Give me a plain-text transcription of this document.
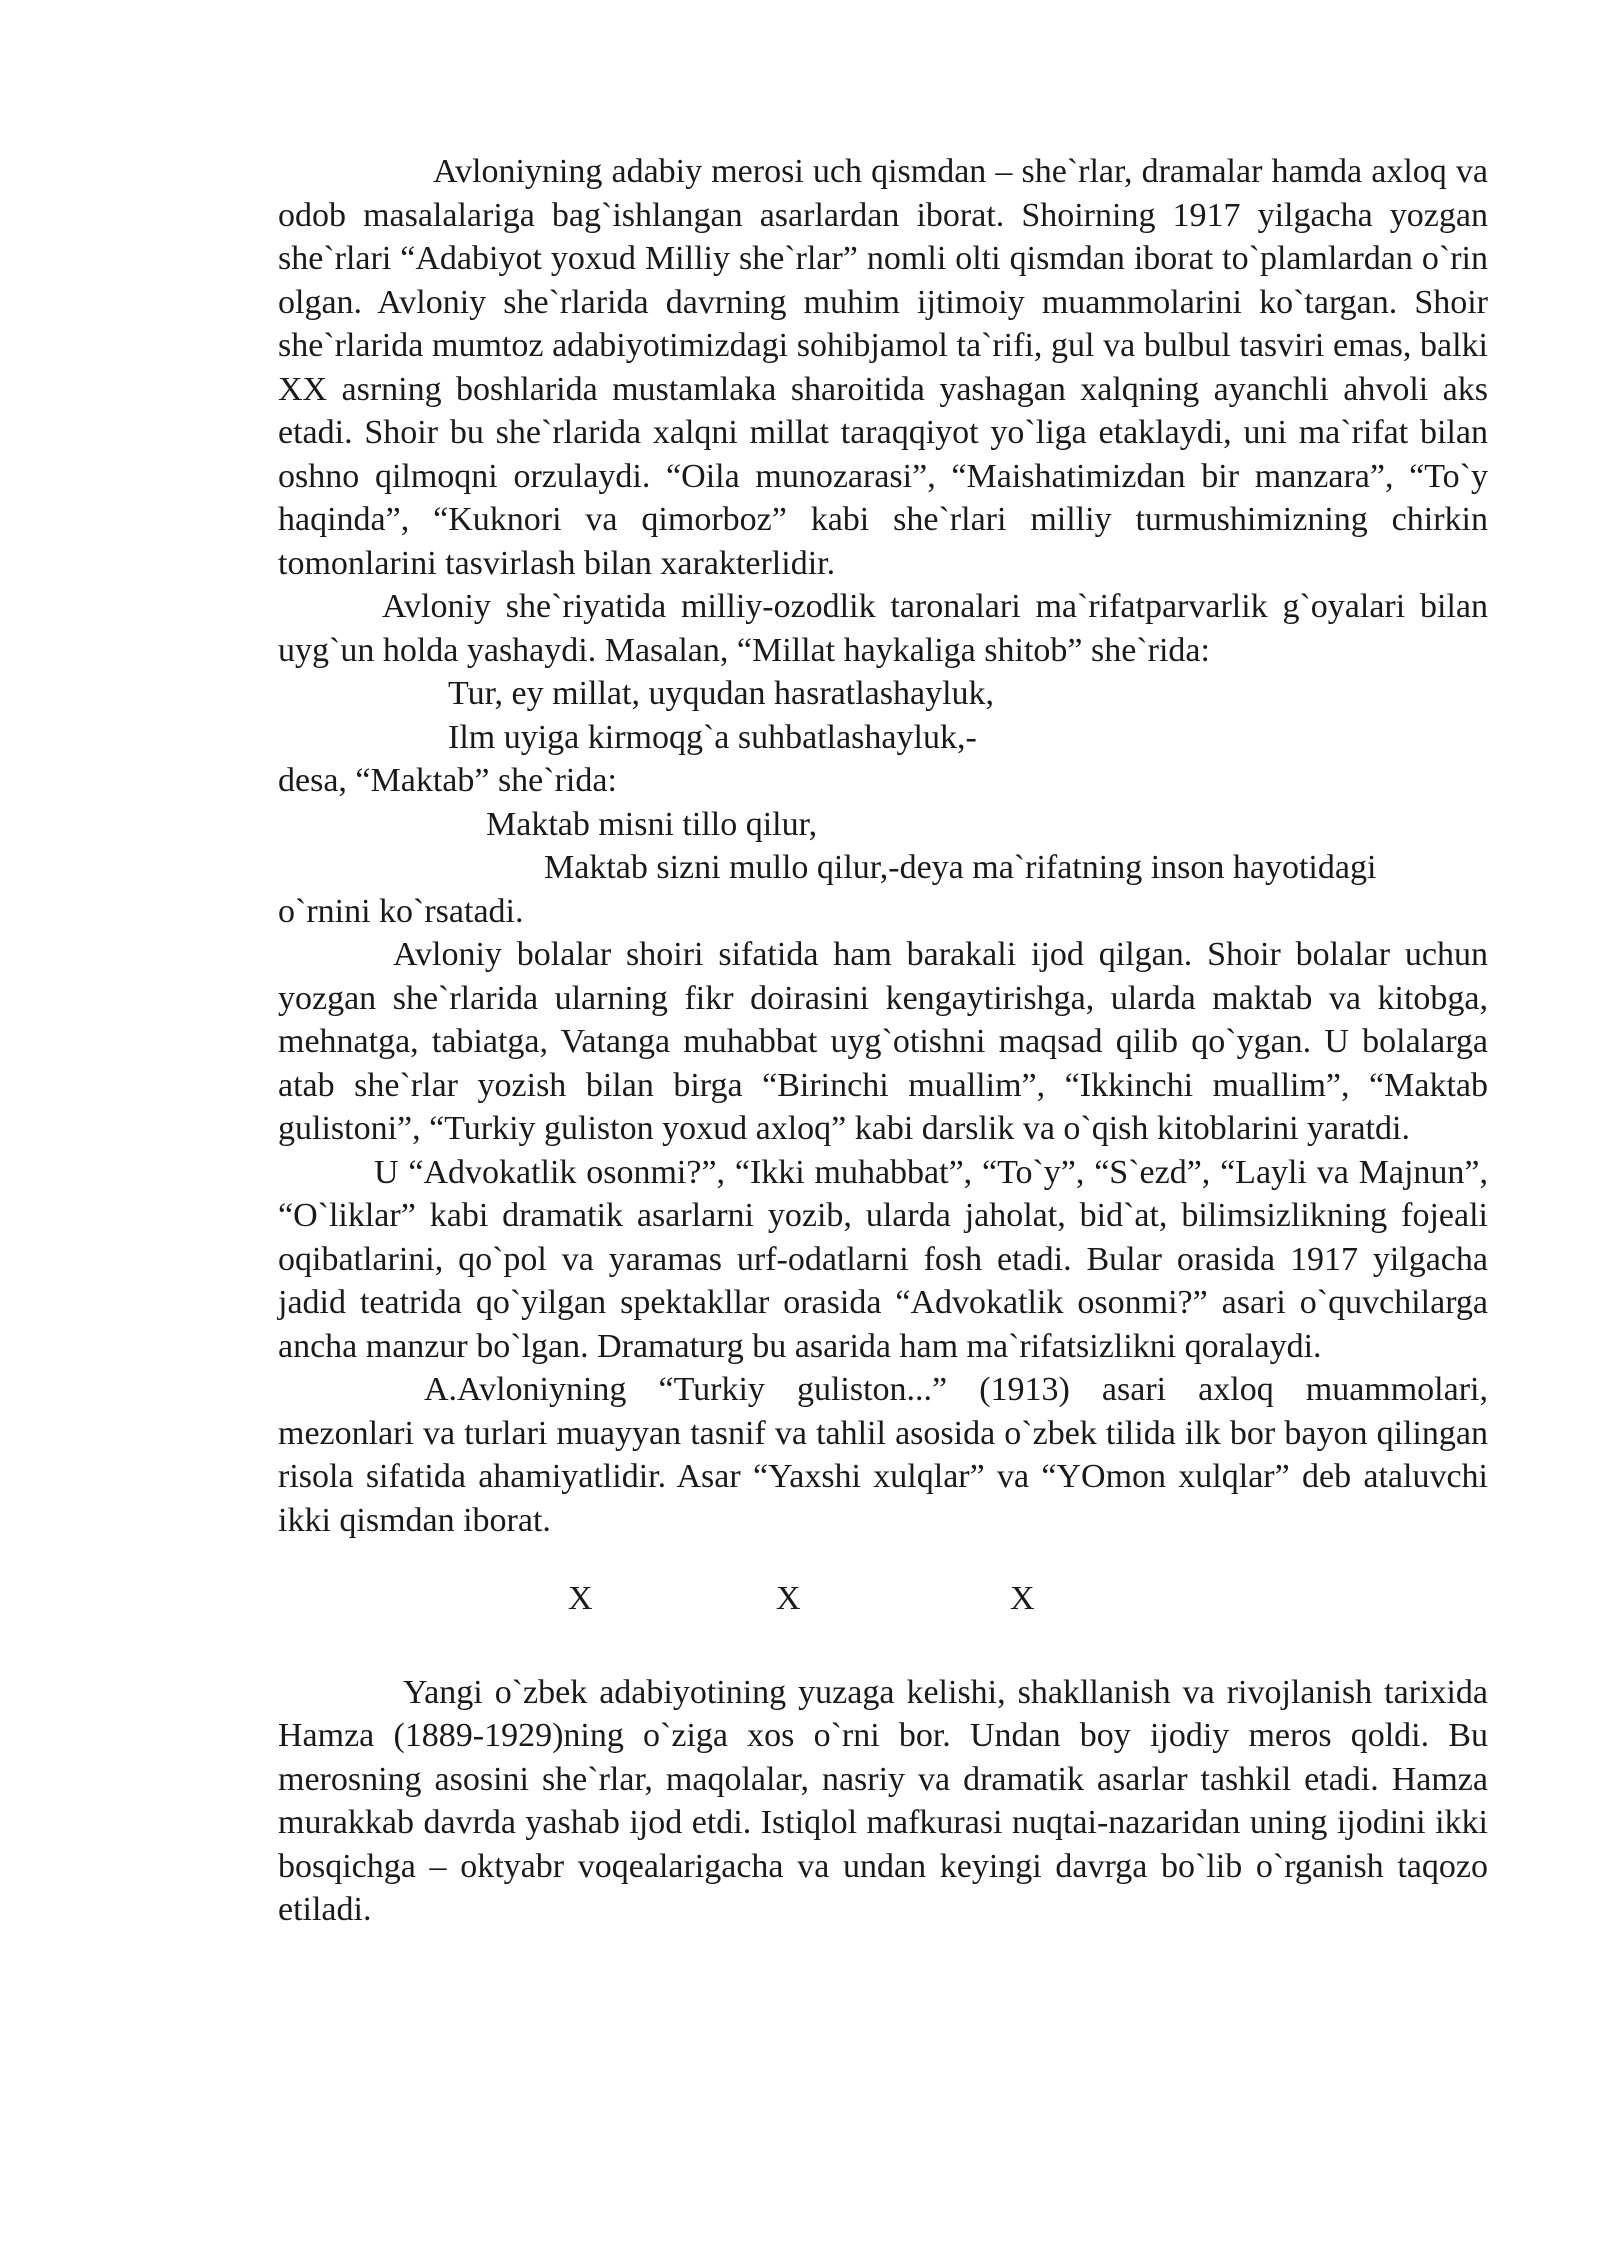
Avloniyning adabiy merosi uch qismdan – she`rlar, dramalar hamda axloq va odob masalalariga bag`ishlangan asarlardan iborat. Shoirning 1917 yilgacha yozgan she`rlari “Adabiyot yoxud Milliy she`rlar” nomli olti qismdan iborat to`plamlardan o`rin olgan. Avloniy she`rlarida davrning muhim ijtimoiy muammolarini ko`targan. Shoir she`rlarida mumtoz adabiyotimizdagi sohibjamol ta`rifi, gul va bulbul tasviri emas, balki XX asrning boshlarida mustamlaka sharoitida yashagan xalqning ayanchli ahvoli aks etadi. Shoir bu she`rlarida xalqni millat taraqqiyot yo`liga etaklaydi, uni ma`rifat bilan oshno qilmoqni orzulaydi. “Oila munozarasi”, “Maishatimizdan bir manzara”, “To`y haqinda”, “Kuknori va qimorboz” kabi she`rlari milliy turmushimizning chirkin tomonlarini tasvirlash bilan xarakterlidir.

Avloniy she`riyatida milliy-ozodlik taronalari ma`rifatparvarlik g`oyalari bilan uyg`un holda yashaydi. Masalan, “Millat haykaliga shitob” she`rida:

Tur, ey millat, uyqudan hasratlashayluk,

Ilm uyiga kirmoqg`a suhbatlashayluk,-

desa, “Maktab” she`rida:

Maktab misni tillo qilur,

Maktab sizni mullo qilur,-deya ma`rifatning inson hayotidagi

o`rnini ko`rsatadi.

Avloniy bolalar shoiri sifatida ham barakali ijod qilgan. Shoir bolalar uchun yozgan she`rlarida ularning fikr doirasini kengaytirishga, ularda maktab va kitobga, mehnatga, tabiatga, Vatanga muhabbat uyg`otishni maqsad qilib qo`ygan. U bolalarga atab she`rlar yozish bilan birga “Birinchi muallim”, “Ikkinchi muallim”, “Maktab gulistoni”, “Turkiy guliston yoxud axloq” kabi darslik va o`qish kitoblarini yaratdi.

U “Advokatlik osonmi?”, “Ikki muhabbat”, “To`y”, “S`ezd”, “Layli va Majnun”, “O`liklar” kabi dramatik asarlarni yozib, ularda jaholat, bid`at, bilimsizlikning fojeali oqibatlarini, qo`pol va yaramas urf-odatlarni fosh etadi. Bular orasida 1917 yilgacha jadid teatrida qo`yilgan spektakllar orasida “Advokatlik osonmi?” asari o`quvchilarga ancha manzur bo`lgan. Dramaturg bu asarida ham ma`rifatsizlikni qoralaydi.

A.Avloniyning “Turkiy guliston...” (1913) asari axloq muammolari, mezonlari va turlari muayyan tasnif va tahlil asosida o`zbek tilida ilk bor bayon qilingan risola sifatida ahamiyatlidir. Asar “Yaxshi xulqlar” va “YOmon xulqlar” deb ataluvchi ikki qismdan iborat.

X	X	X

Yangi o`zbek adabiyotining yuzaga kelishi, shakllanish va rivojlanish tarixida Hamza (1889-1929)ning o`ziga xos o`rni bor. Undan boy ijodiy meros qoldi. Bu merosning asosini she`rlar, maqolalar, nasriy va dramatik asarlar tashkil etadi. Hamza murakkab davrda yashab ijod etdi. Istiqlol mafkurasi nuqtai-nazaridan uning ijodini ikki bosqichga – oktyabr voqealarigacha va undan keyingi davrga bo`lib o`rganish taqozo etiladi.
